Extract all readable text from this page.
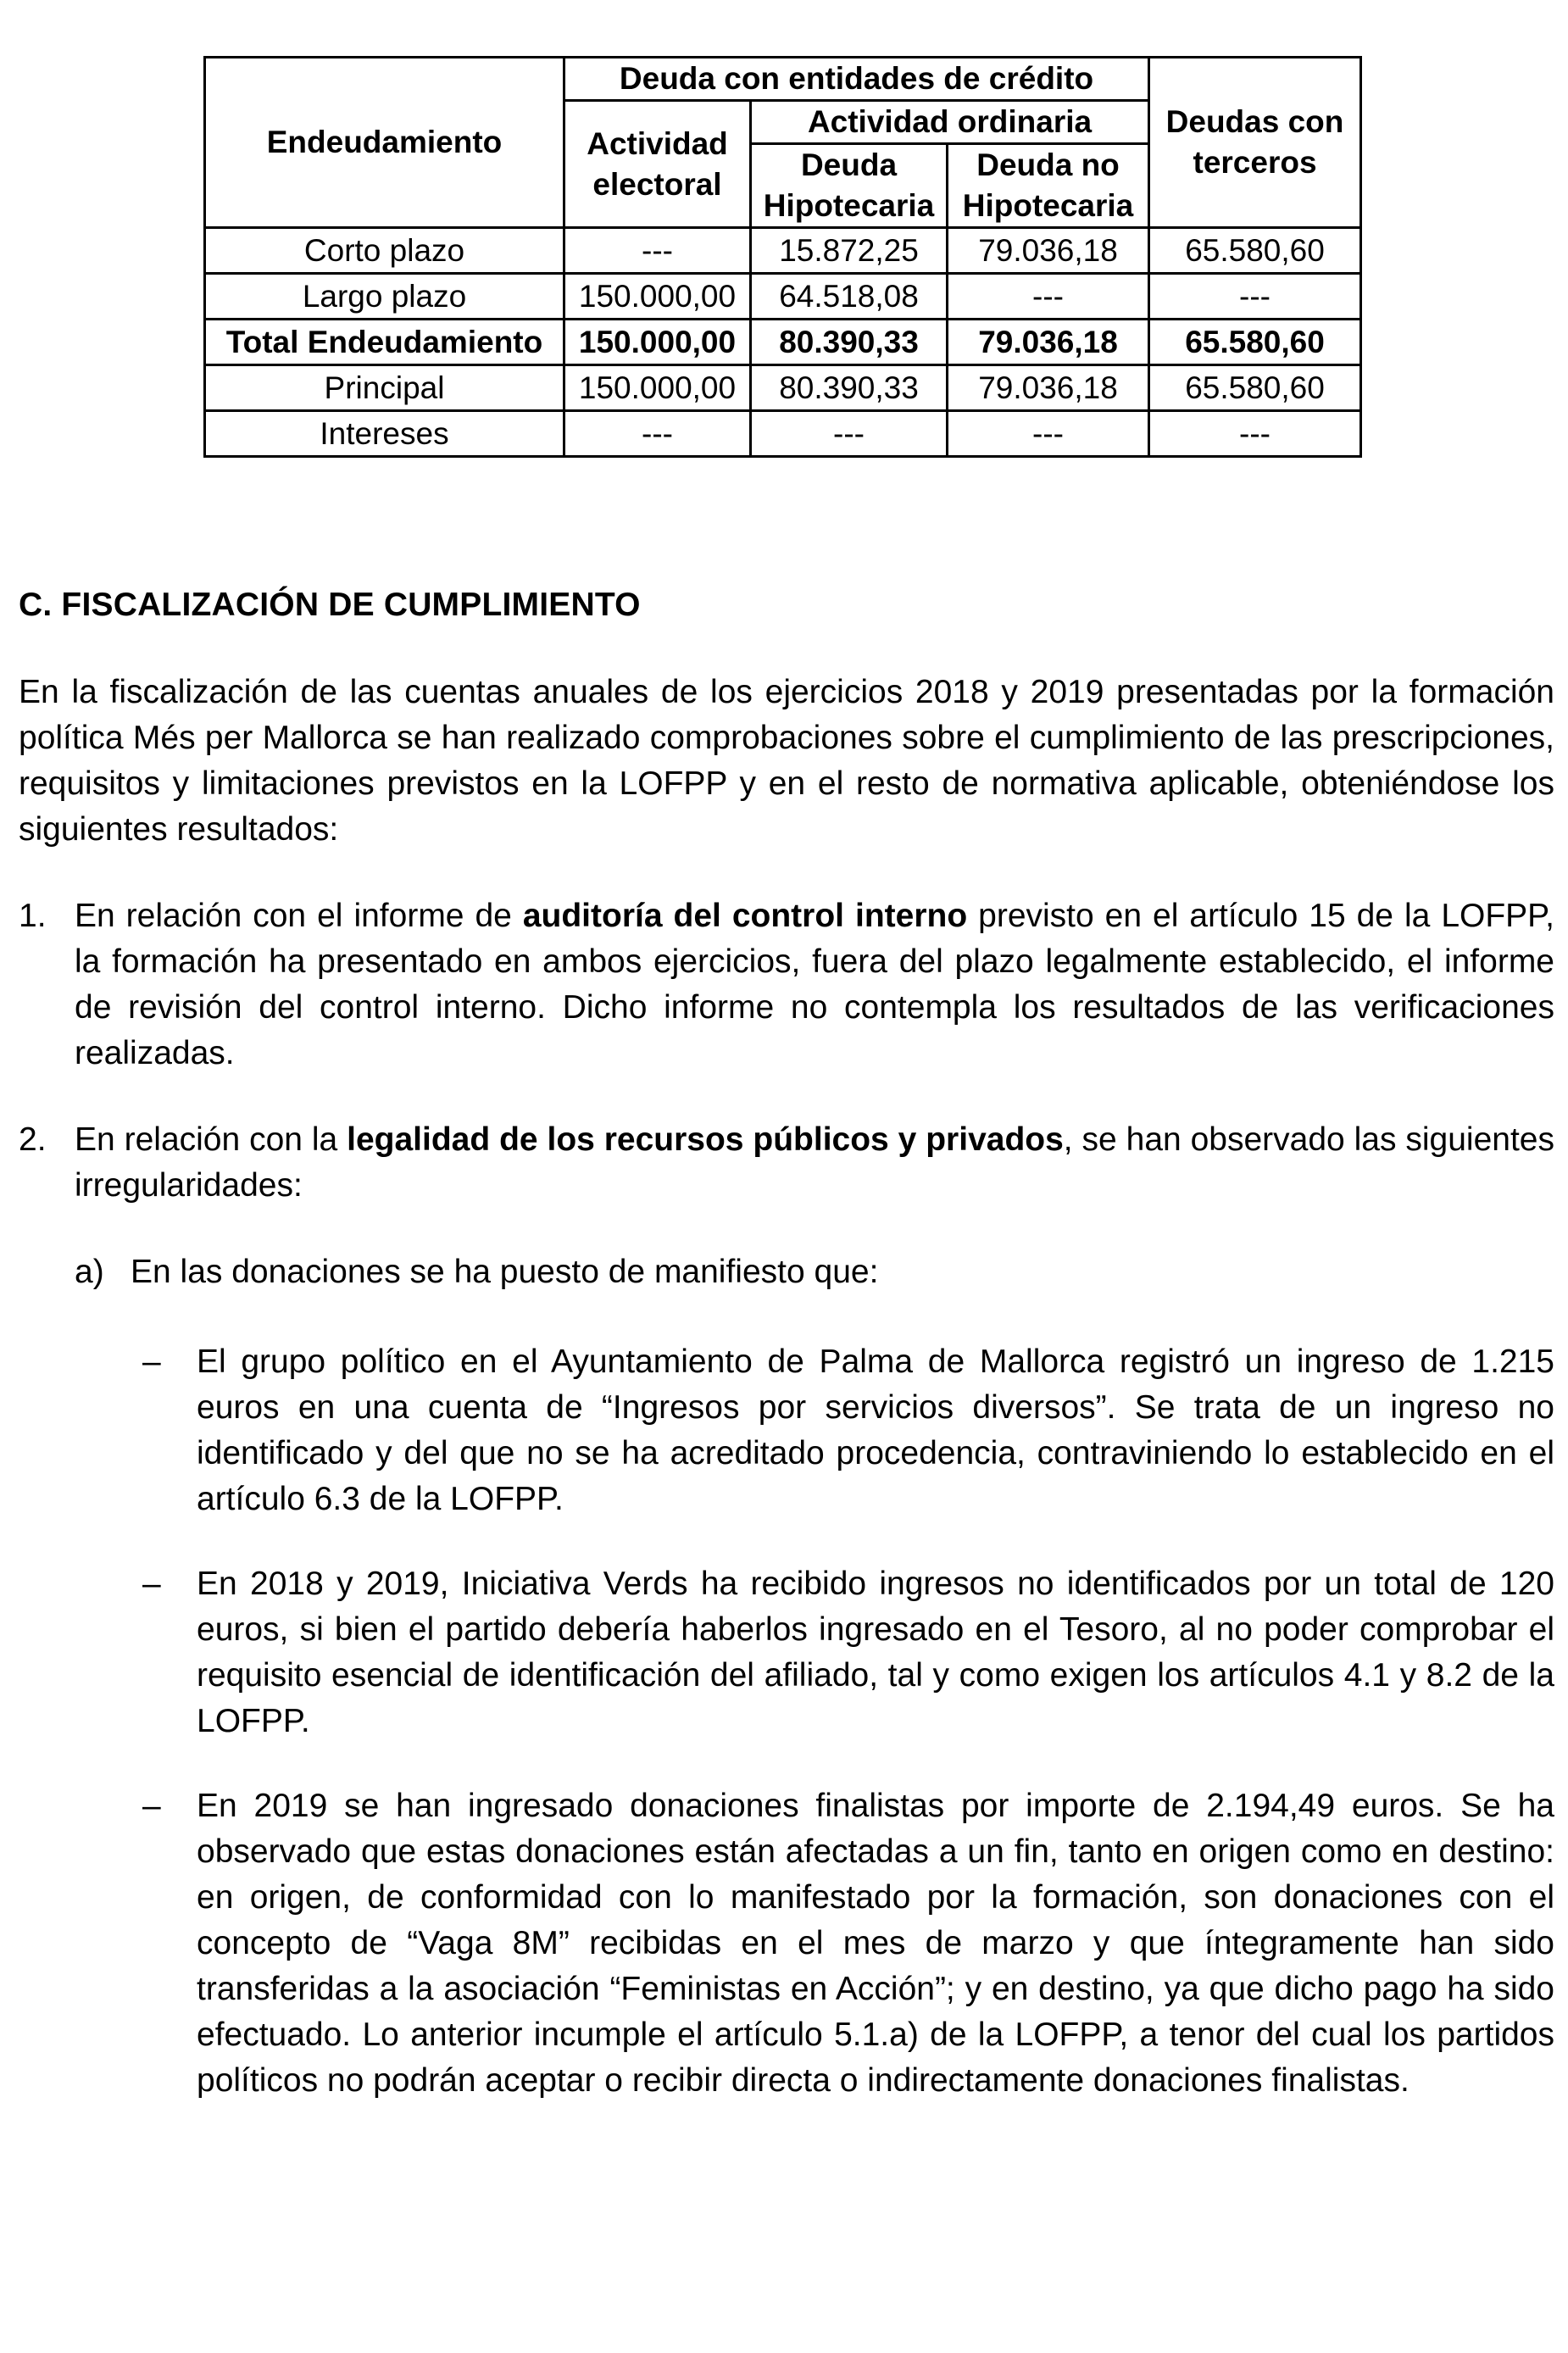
Endeudamiento	Deuda con entidades de crédito			Deudas con terceros
	Actividad electoral	Actividad ordinaria		
		Deuda Hipotecaria	Deuda no Hipotecaria	
Corto plazo	---	15.872,25	79.036,18	65.580,60
Largo plazo	150.000,00	64.518,08	---	---
Total Endeudamiento	150.000,00	80.390,33	79.036,18	65.580,60
Principal	150.000,00	80.390,33	79.036,18	65.580,60
Intereses	---	---	---	---
C. FISCALIZACIÓN DE CUMPLIMIENTO
En la fiscalización de las cuentas anuales de los ejercicios 2018 y 2019 presentadas por la formación política Més per Mallorca se han realizado comprobaciones sobre el cumplimiento de las prescripciones, requisitos y limitaciones previstos en la LOFPP y en el resto de normativa aplicable, obteniéndose los siguientes resultados:
1. En relación con el informe de auditoría del control interno previsto en el artículo 15 de la LOFPP, la formación ha presentado en ambos ejercicios, fuera del plazo legalmente establecido, el informe de revisión del control interno. Dicho informe no contempla los resultados de las verificaciones realizadas.
2. En relación con la legalidad de los recursos públicos y privados, se han observado las siguientes irregularidades:
a) En las donaciones se ha puesto de manifiesto que:
– El grupo político en el Ayuntamiento de Palma de Mallorca registró un ingreso de 1.215 euros en una cuenta de “Ingresos por servicios diversos”. Se trata de un ingreso no identificado y del que no se ha acreditado procedencia, contraviniendo lo establecido en el artículo 6.3 de la LOFPP.
– En 2018 y 2019, Iniciativa Verds ha recibido ingresos no identificados por un total de 120 euros, si bien el partido debería haberlos ingresado en el Tesoro, al no poder comprobar el requisito esencial de identificación del afiliado, tal y como exigen los artículos 4.1 y 8.2 de la LOFPP.
– En 2019 se han ingresado donaciones finalistas por importe de 2.194,49 euros. Se ha observado que estas donaciones están afectadas a un fin, tanto en origen como en destino: en origen, de conformidad con lo manifestado por la formación, son donaciones con el concepto de “Vaga 8M” recibidas en el mes de marzo y que íntegramente han sido transferidas a la asociación “Feministas en Acción”; y en destino, ya que dicho pago ha sido efectuado. Lo anterior incumple el artículo 5.1.a) de la LOFPP, a tenor del cual los partidos políticos no podrán aceptar o recibir directa o indirectamente donaciones finalistas.
